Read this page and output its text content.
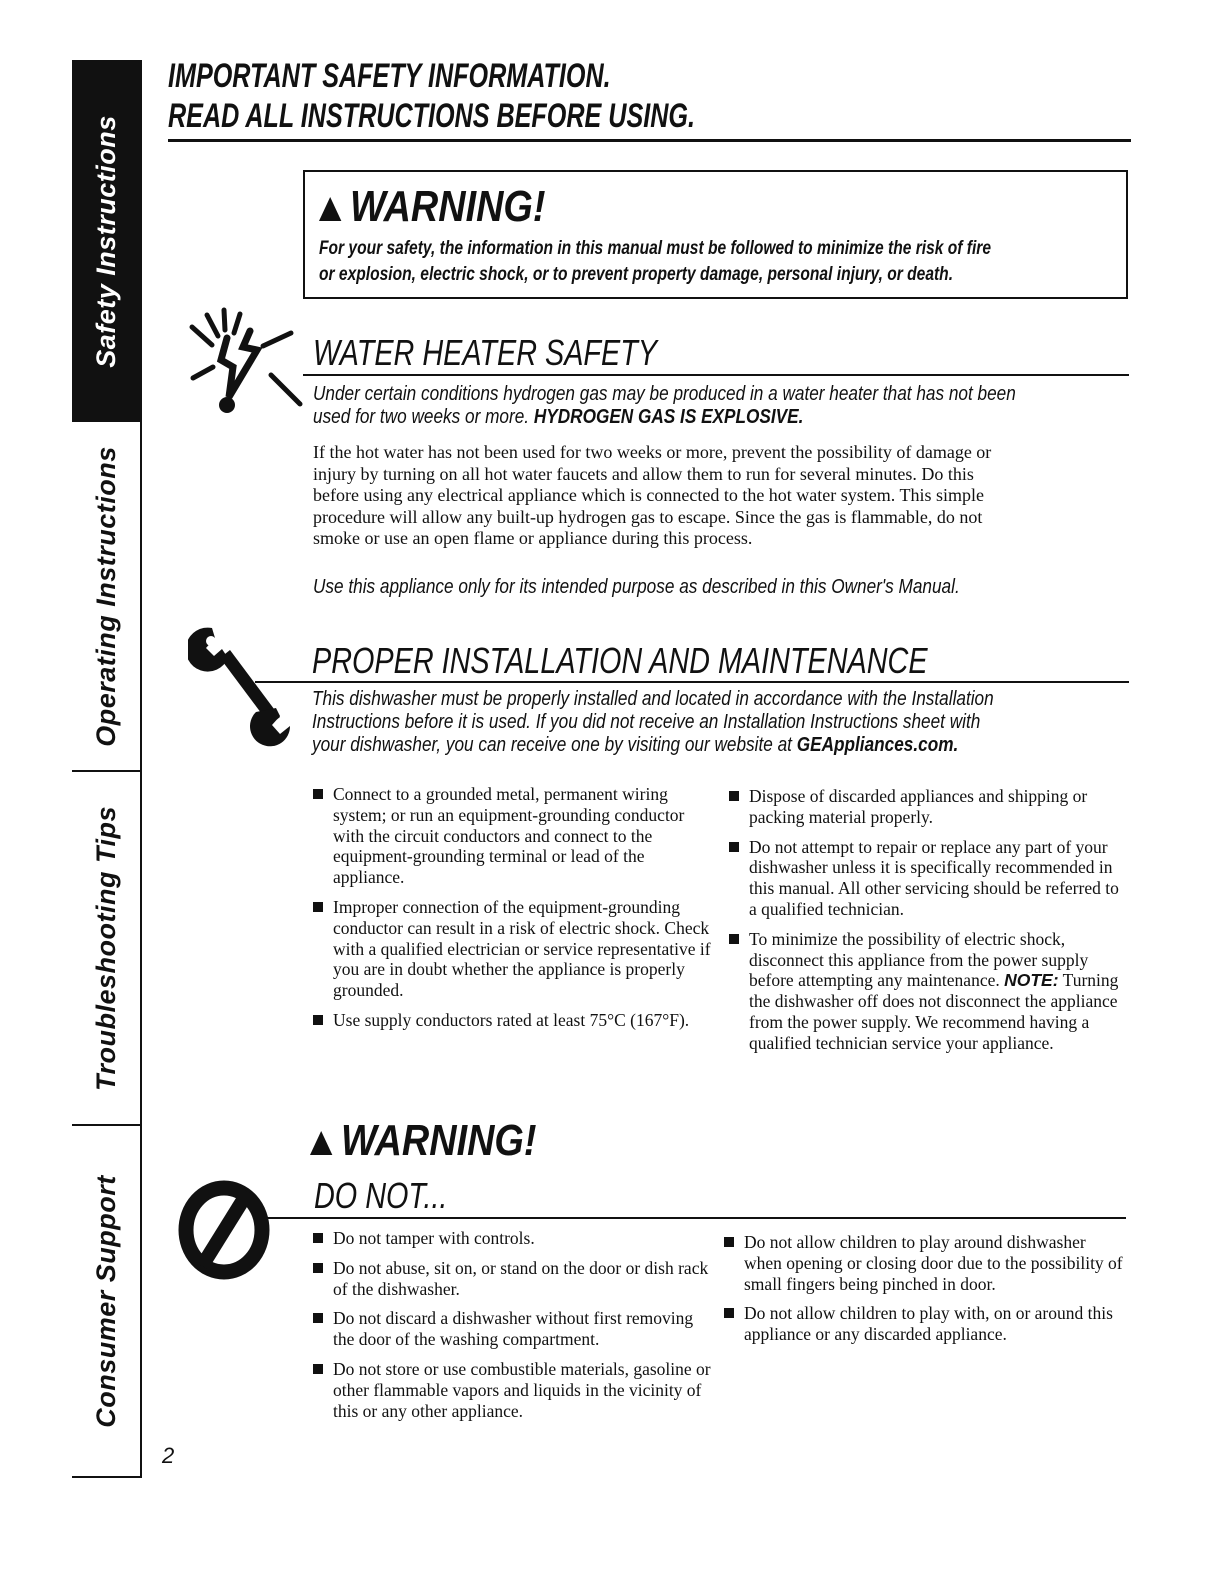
Safety Instructions
Operating Instructions
Troubleshooting Tips
Consumer Support
IMPORTANT SAFETY INFORMATION.
READ ALL INSTRUCTIONS BEFORE USING.
WARNING!
For your safety, the information in this manual must be followed to minimize the risk of fire
or explosion, electric shock, or to prevent property damage, personal injury, or death.
WATER HEATER SAFETY
Under certain conditions hydrogen gas may be produced in a water heater that has not been
used for two weeks or more. HYDROGEN GAS IS EXPLOSIVE.
If the hot water has not been used for two weeks or more, prevent the possibility of damage or
injury by turning on all hot water faucets and allow them to run for several minutes. Do this
before using any electrical appliance which is connected to the hot water system. This simple
procedure will allow any built-up hydrogen gas to escape. Since the gas is flammable, do not
smoke or use an open flame or appliance during this process.
Use this appliance only for its intended purpose as described in this Owner's Manual.
PROPER INSTALLATION AND MAINTENANCE
This dishwasher must be properly installed and located in accordance with the Installation
Instructions before it is used. If you did not receive an Installation Instructions sheet with
your dishwasher, you can receive one by visiting our website at GEAppliances.com.
Connect to a grounded metal, permanent wiring system; or run an equipment-grounding conductor with the circuit conductors and connect to the equipment-grounding terminal or lead of the appliance.
Improper connection of the equipment-grounding conductor can result in a risk of electric shock. Check with a qualified electrician or service representative if you are in doubt whether the appliance is properly grounded.
Use supply conductors rated at least 75°C (167°F).
Dispose of discarded appliances and shipping or packing material properly.
Do not attempt to repair or replace any part of your dishwasher unless it is specifically recommended in this manual. All other servicing should be referred to a qualified technician.
To minimize the possibility of electric shock, disconnect this appliance from the power supply before attempting any maintenance. NOTE: Turning the dishwasher off does not disconnect the appliance from the power supply. We recommend having a qualified technician service your appliance.
WARNING!
DO NOT...
Do not tamper with controls.
Do not abuse, sit on, or stand on the door or dish rack of the dishwasher.
Do not discard a dishwasher without first removing the door of the washing compartment.
Do not store or use combustible materials, gasoline or other flammable vapors and liquids in the vicinity of this or any other appliance.
Do not allow children to play around dishwasher when opening or closing door due to the possibility of small fingers being pinched in door.
Do not allow children to play with, on or around this appliance or any discarded appliance.
2
